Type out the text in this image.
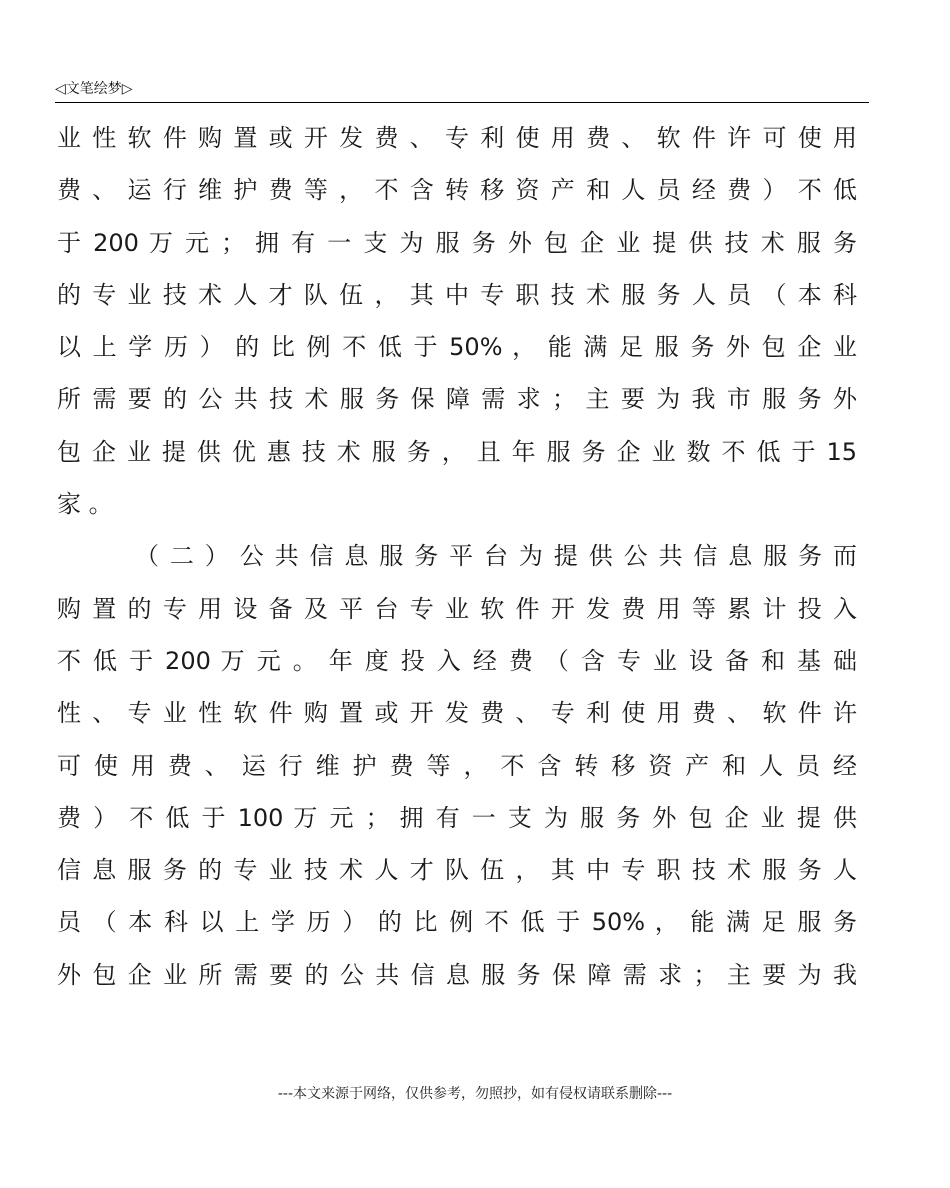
◁文笔绘梦▷
业 性 软 件 购 置 或 开 发 费 、 专 利 使 用 费 、 软 件 许 可 使 用
费 、 运 行 维 护 费 等 ， 不 含 转 移 资 产 和 人 员 经 费 ） 不 低
于 200 万 元 ； 拥 有 一 支 为 服 务 外 包 企 业 提 供 技 术 服 务
的 专 业 技 术 人 才 队 伍 ， 其 中 专 职 技 术 服 务 人 员 （ 本 科
以 上 学 历 ） 的 比 例 不 低 于 50% ， 能 满 足 服 务 外 包 企 业
所 需 要 的 公 共 技 术 服 务 保 障 需 求 ； 主 要 为 我 市 服 务 外
包 企 业 提 供 优 惠 技 术 服 务 ， 且 年 服 务 企 业 数 不 低 于 15
家 。
（ 二 ） 公 共 信 息 服 务 平 台 为 提 供 公 共 信 息 服 务 而
购 置 的 专 用 设 备 及 平 台 专 业 软 件 开 发 费 用 等 累 计 投 入
不 低 于 200 万 元 。 年 度 投 入 经 费 （ 含 专 业 设 备 和 基 础
性 、 专 业 性 软 件 购 置 或 开 发 费 、 专 利 使 用 费 、 软 件 许
可 使 用 费 、 运 行 维 护 费 等 ， 不 含 转 移 资 产 和 人 员 经
费 ） 不 低 于 100 万 元 ； 拥 有 一 支 为 服 务 外 包 企 业 提 供
信 息 服 务 的 专 业 技 术 人 才 队 伍 ， 其 中 专 职 技 术 服 务 人
员 （ 本 科 以 上 学 历 ） 的 比 例 不 低 于 50% ， 能 满 足 服 务
外 包 企 业 所 需 要 的 公 共 信 息 服 务 保 障 需 求 ； 主 要 为 我
---本文来源于网络，仅供参考，勿照抄，如有侵权请联系删除---
